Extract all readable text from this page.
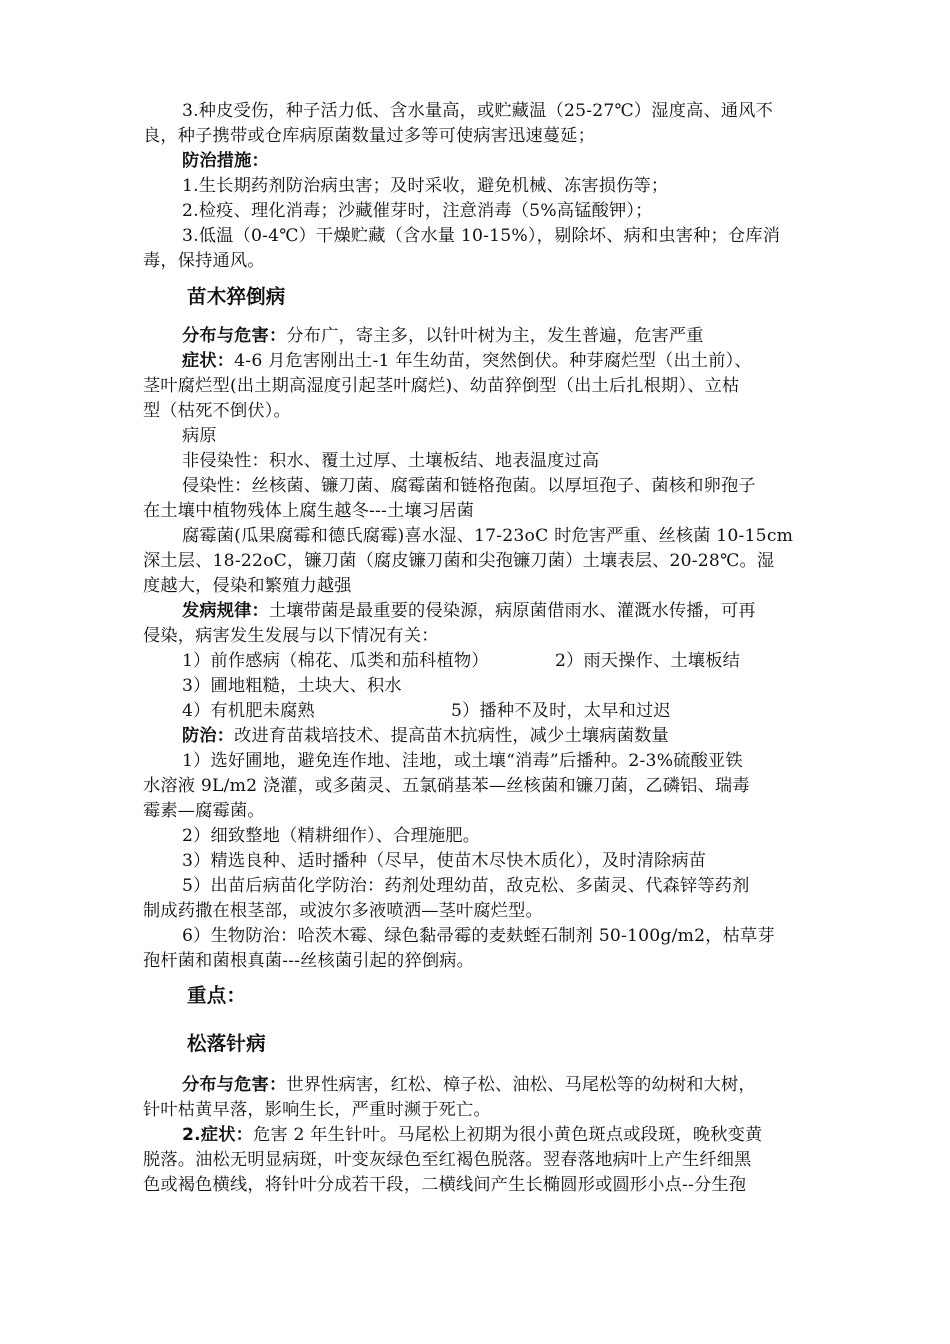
3.种皮受伤，种子活力低、含水量高，或贮藏温（25-27℃）湿度高、通风不
良，种子携带或仓库病原菌数量过多等可使病害迅速蔓延；
防治措施：
1.生长期药剂防治病虫害；及时采收，避免机械、冻害损伤等；
2.检疫、理化消毒；沙藏催芽时，注意消毒（5%高锰酸钾）；
3.低温（0-4℃）干燥贮藏（含水量 10-15%），剔除坏、病和虫害种；仓库消
毒，保持通风。
苗木猝倒病
分布与危害：分布广，寄主多，以针叶树为主，发生普遍，危害严重
症状：4-6 月危害刚出土-1 年生幼苗，突然倒伏。种芽腐烂型（出土前）、
茎叶腐烂型(出土期高湿度引起茎叶腐烂)、幼苗猝倒型（出土后扎根期）、立枯
型（枯死不倒伏）。
病原
非侵染性：积水、覆土过厚、土壤板结、地表温度过高
侵染性：丝核菌、镰刀菌、腐霉菌和链格孢菌。以厚垣孢子、菌核和卵孢子
在土壤中植物残体上腐生越冬---土壤习居菌
腐霉菌(瓜果腐霉和德氏腐霉)喜水湿、17-23oC 时危害严重、丝核菌 10-15cm
深土层、18-22oC，镰刀菌（腐皮镰刀菌和尖孢镰刀菌）土壤表层、20-28℃。湿
度越大，侵染和繁殖力越强
发病规律：土壤带菌是最重要的侵染源，病原菌借雨水、灌溉水传播，可再
侵染，病害发生发展与以下情况有关：
1）前作感病（棉花、瓜类和茄科植物）	2）雨天操作、土壤板结
3）圃地粗糙，土块大、积水
4）有机肥未腐熟	5）播种不及时，太早和过迟
防治：改进育苗栽培技术、提高苗木抗病性，减少土壤病菌数量
1）选好圃地，避免连作地、洼地，或土壤“消毒”后播种。2-3%硫酸亚铁
水溶液 9L/m2 浇灌，或多菌灵、五氯硝基苯—丝核菌和镰刀菌，乙磷铝、瑞毒
霉素—腐霉菌。
2）细致整地（精耕细作）、合理施肥。
3）精选良种、适时播种（尽早，使苗木尽快木质化），及时清除病苗
5）出苗后病苗化学防治：药剂处理幼苗，敌克松、多菌灵、代森锌等药剂
制成药撒在根茎部，或波尔多液喷洒—茎叶腐烂型。
6）生物防治：哈茨木霉、绿色黏帚霉的麦麸蛭石制剂 50-100g/m2，枯草芽
孢杆菌和菌根真菌---丝核菌引起的猝倒病。
重点：
松落针病
分布与危害：世界性病害，红松、樟子松、油松、马尾松等的幼树和大树，
针叶枯黄早落，影响生长，严重时濒于死亡。
2.症状：危害 2 年生针叶。马尾松上初期为很小黄色斑点或段斑，晚秋变黄
脱落。油松无明显病斑，叶变灰绿色至红褐色脱落。翌春落地病叶上产生纤细黑
色或褐色横线，将针叶分成若干段，二横线间产生长椭圆形或圆形小点--分生孢
